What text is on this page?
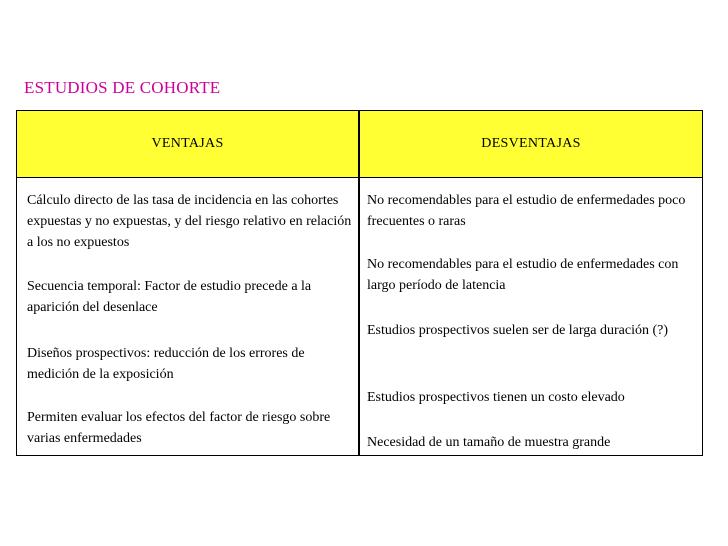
ESTUDIOS DE COHORTE
VENTAJAS	DESVENTAJAS
Cálculo directo de las tasa de incidencia en las cohortes expuestas y no expuestas, y del riesgo relativo en relación a los no expuestos
Secuencia temporal: Factor de estudio precede a la aparición del desenlace
Diseños prospectivos: reducción de los errores de medición de la exposición
Permiten evaluar los efectos del factor de riesgo sobre varias enfermedades
No recomendables para el estudio de enfermedades poco frecuentes o raras
No recomendables para el estudio de enfermedades con largo período de latencia
Estudios prospectivos suelen ser de larga duración (?)
Estudios prospectivos tienen un costo elevado
Necesidad de un tamaño de muestra grande
